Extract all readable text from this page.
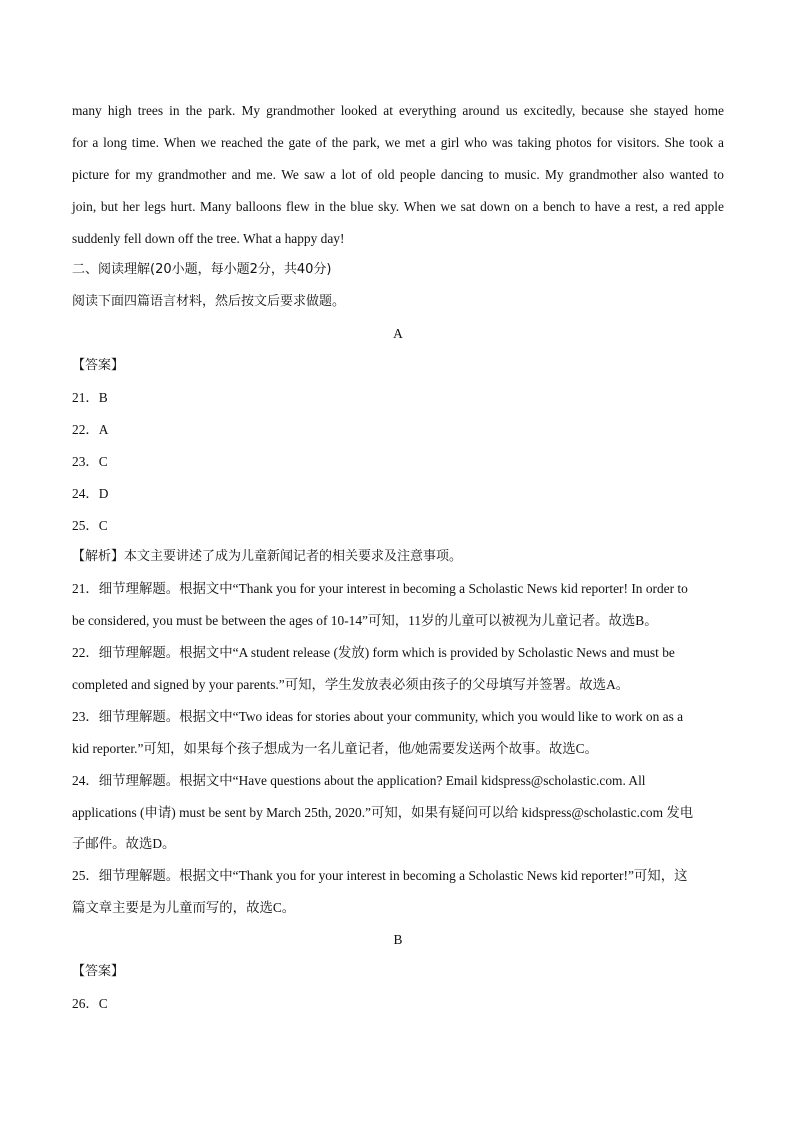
many high trees in the park. My grandmother looked at everything around us excitedly, because she stayed home
for a long time. When we reached the gate of the park, we met a girl who was taking photos for visitors. She took a
picture for my grandmother and me. We saw a lot of old people dancing to music. My grandmother also wanted to
join, but her legs hurt. Many balloons flew in the blue sky. When we sat down on a bench to have a rest, a red apple
suddenly fell down off the tree. What a happy day!
二、阅读理解(20小题，每小题2分，共40分)
阅读下面四篇语言材料，然后按文后要求做题。
A
【答案】
21．B
22．A
23．C
24．D
25．C
【解析】本文主要讲述了成为儿童新闻记者的相关要求及注意事项。
21．细节理解题。根据文中“Thank you for your interest in becoming a Scholastic News kid reporter! In order to
be considered, you must be between the ages of 10-14”可知，11岁的儿童可以被视为儿童记者。故选B。
22．细节理解题。根据文中“A student release (发放) form which is provided by Scholastic News and must be
completed and signed by your parents.”可知，学生发放表必须由孩子的父母填写并签署。故选A。
23．细节理解题。根据文中“Two ideas for stories about your community, which you would like to work on as a
kid reporter.”可知，如果每个孩子想成为一名儿童记者，他/她需要发送两个故事。故选C。
24．细节理解题。根据文中“Have questions about the application? Email kidspress@scholastic.com. All
applications (申请) must be sent by March 25th, 2020.”可知，如果有疑问可以给 kidspress@scholastic.com 发电
子邮件。故选D。
25．细节理解题。根据文中“Thank you for your interest in becoming a Scholastic News kid reporter!”可知，这
篇文章主要是为儿童而写的，故选C。
B
【答案】
26．C
